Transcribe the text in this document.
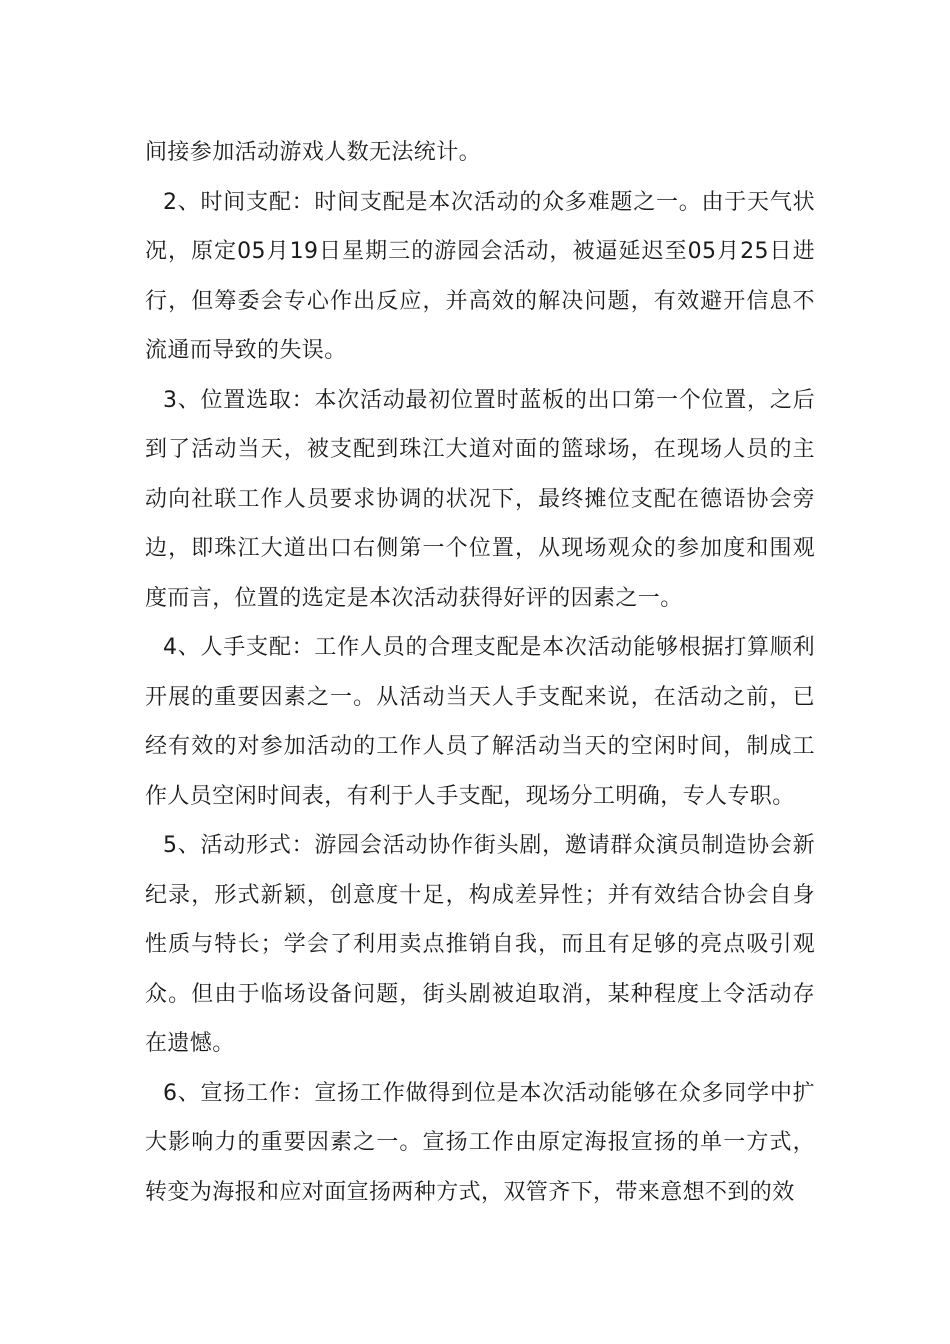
间接参加活动游戏人数无法统计。

2、时间支配：时间支配是本次活动的众多难题之一。由于天气状况，原定05月19日星期三的游园会活动，被逼延迟至05月25日进行，但筹委会专心作出反应，并高效的解决问题，有效避开信息不流通而导致的失误。

3、位置选取：本次活动最初位置时蓝板的出口第一个位置，之后到了活动当天，被支配到珠江大道对面的篮球场，在现场人员的主动向社联工作人员要求协调的状况下，最终摊位支配在德语协会旁边，即珠江大道出口右侧第一个位置，从现场观众的参加度和围观度而言，位置的选定是本次活动获得好评的因素之一。

4、人手支配：工作人员的合理支配是本次活动能够根据打算顺利开展的重要因素之一。从活动当天人手支配来说，在活动之前，已经有效的对参加活动的工作人员了解活动当天的空闲时间，制成工作人员空闲时间表，有利于人手支配，现场分工明确，专人专职。

5、活动形式：游园会活动协作街头剧，邀请群众演员制造协会新纪录，形式新颖，创意度十足，构成差异性；并有效结合协会自身性质与特长；学会了利用卖点推销自我，而且有足够的亮点吸引观众。但由于临场设备问题，街头剧被迫取消，某种程度上令活动存在遗憾。

6、宣扬工作：宣扬工作做得到位是本次活动能够在众多同学中扩大影响力的重要因素之一。宣扬工作由原定海报宣扬的单一方式，转变为海报和应对面宣扬两种方式，双管齐下，带来意想不到的效
